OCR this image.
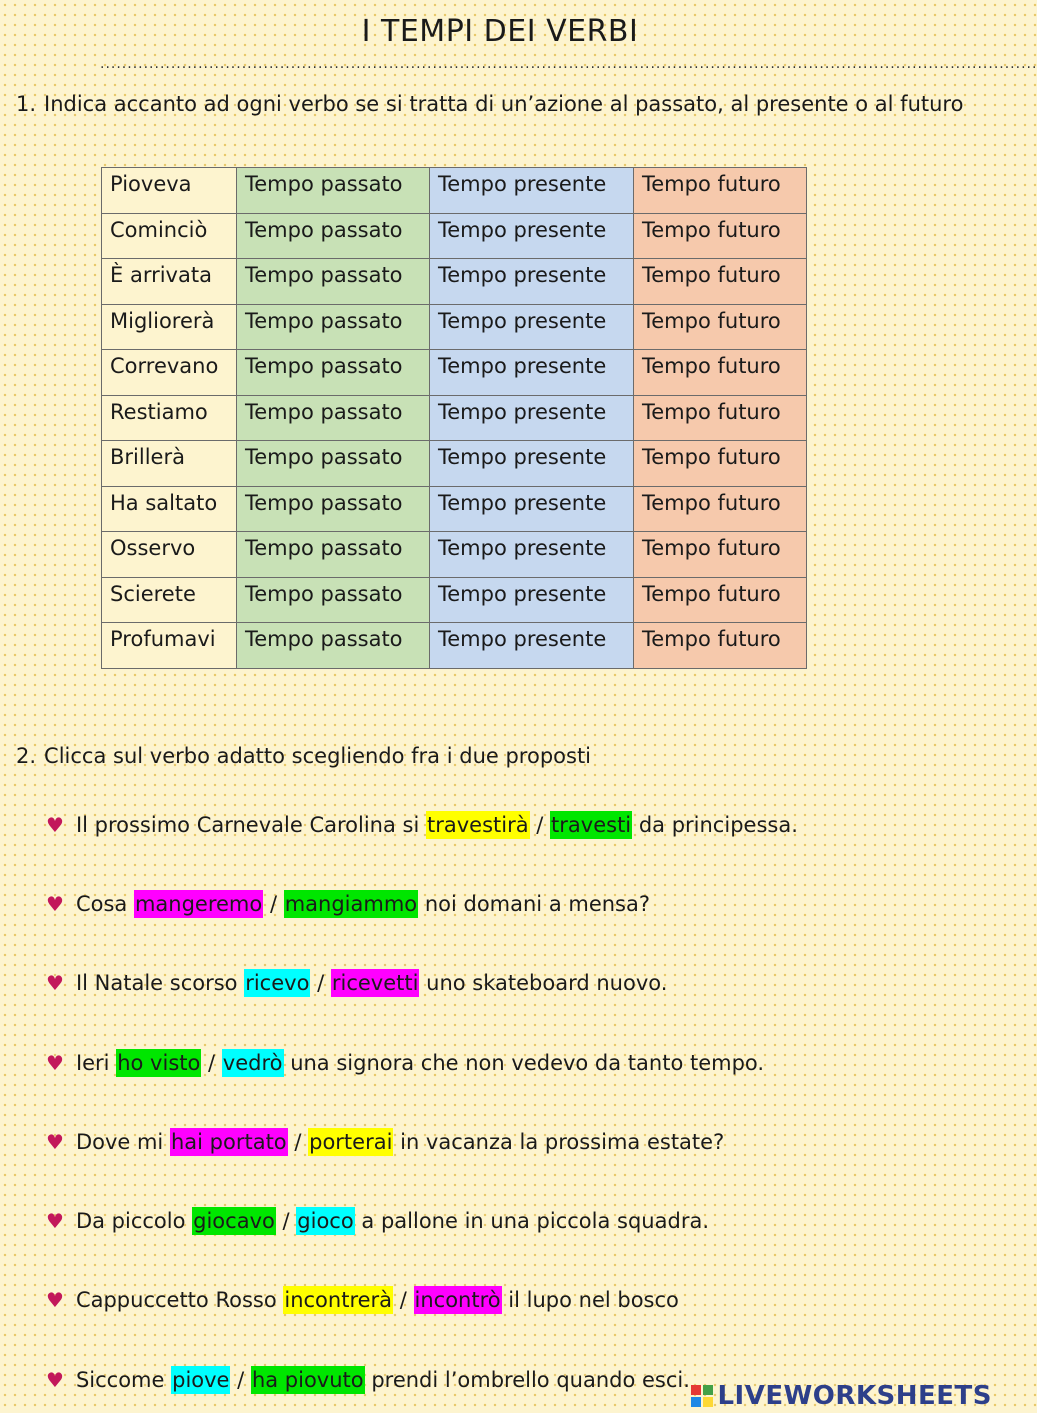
I TEMPI DEI VERBI
............................................................................................................................................................................
1. Indica accanto ad ogni verbo se si tratta di un’azione al passato, al presente o al futuro
Pioveva	Tempo passato	Tempo presente	Tempo futuro
Cominciò	Tempo passato	Tempo presente	Tempo futuro
È arrivata	Tempo passato	Tempo presente	Tempo futuro
Migliorerà	Tempo passato	Tempo presente	Tempo futuro
Correvano	Tempo passato	Tempo presente	Tempo futuro
Restiamo	Tempo passato	Tempo presente	Tempo futuro
Brillerà	Tempo passato	Tempo presente	Tempo futuro
Ha saltato	Tempo passato	Tempo presente	Tempo futuro
Osservo	Tempo passato	Tempo presente	Tempo futuro
Scierete	Tempo passato	Tempo presente	Tempo futuro
Profumavi	Tempo passato	Tempo presente	Tempo futuro
2. Clicca sul verbo adatto scegliendo fra i due proposti
♥ Il prossimo Carnevale Carolina si travestirà / travesti da principessa.
♥ Cosa mangeremo / mangiammo noi domani a mensa?
♥ Il Natale scorso ricevo / ricevetti uno skateboard nuovo.
♥ Ieri ho visto / vedrò una signora che non vedevo da tanto tempo.
♥ Dove mi hai portato / porterai in vacanza la prossima estate?
♥ Da piccolo giocavo / gioco a pallone in una piccola squadra.
♥ Cappuccetto Rosso incontrerà / incontrò il lupo nel bosco
♥ Siccome piove / ha piovuto prendi l’ombrello quando esci.
LIVEWORKSHEETS
